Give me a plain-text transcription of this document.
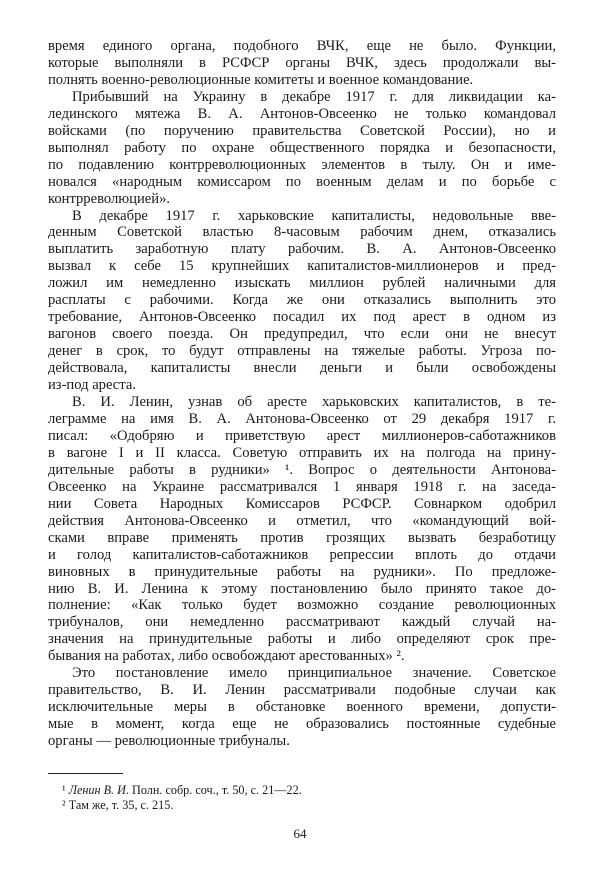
время единого органа, подобного ВЧК, еще не было. Функции,
которые выполняли в РСФСР органы ВЧК, здесь продолжали вы-
полнять военно-революционные комитеты и военное командование.
Прибывший на Украину в декабре 1917 г. для ликвидации ка-
лединского мятежа В. А. Антонов-Овсеенко не только командовал
войсками (по поручению правительства Советской России), но и
выполнял работу по охране общественного порядка и безопасности,
по подавлению контрреволюционных элементов в тылу. Он и име-
новался «народным комиссаром по военным делам и по борьбе с
контрреволюцией».
В декабре 1917 г. харьковские капиталисты, недовольные вве-
денным Советской властью 8-часовым рабочим днем, отказались
выплатить заработную плату рабочим. В. А. Антонов-Овсеенко
вызвал к себе 15 крупнейших капиталистов-миллионеров и пред-
ложил им немедленно изыскать миллион рублей наличными для
расплаты с рабочими. Когда же они отказались выполнить это
требование, Антонов-Овсеенко посадил их под арест в одном из
вагонов своего поезда. Он предупредил, что если они не внесут
денег в срок, то будут отправлены на тяжелые работы. Угроза по-
действовала, капиталисты внесли деньги и были освобождены
из-под ареста.
В. И. Ленин, узнав об аресте харьковских капиталистов, в те-
леграмме на имя В. А. Антонова-Овсеенко от 29 декабря 1917 г.
писал: «Одобряю и приветствую арест миллионеров-саботажников
в вагоне I и II класса. Советую отправить их на полгода на прину-
дительные работы в рудники» ¹. Вопрос о деятельности Антонова-
Овсеенко на Украине рассматривался 1 января 1918 г. на заседа-
нии Совета Народных Комиссаров РСФСР. Совнарком одобрил
действия Антонова-Овсеенко и отметил, что «командующий вой-
сками вправе применять против грозящих вызвать безработицу
и голод капиталистов-саботажников репрессии вплоть до отдачи
виновных в принудительные работы на рудники». По предложе-
нию В. И. Ленина к этому постановлению было принято такое до-
полнение: «Как только будет возможно создание революционных
трибуналов, они немедленно рассматривают каждый случай на-
значения на принудительные работы и либо определяют срок пре-
бывания на работах, либо освобождают арестованных» ².
Это постановление имело принципиальное значение. Советское
правительство, В. И. Ленин рассматривали подобные случаи как
исключительные меры в обстановке военного времени, допусти-
мые в момент, когда еще не образовались постоянные судебные
органы — революционные трибуналы.
¹ Ленин В. И. Полн. собр. соч., т. 50, с. 21—22.
² Там же, т. 35, с. 215.
64
